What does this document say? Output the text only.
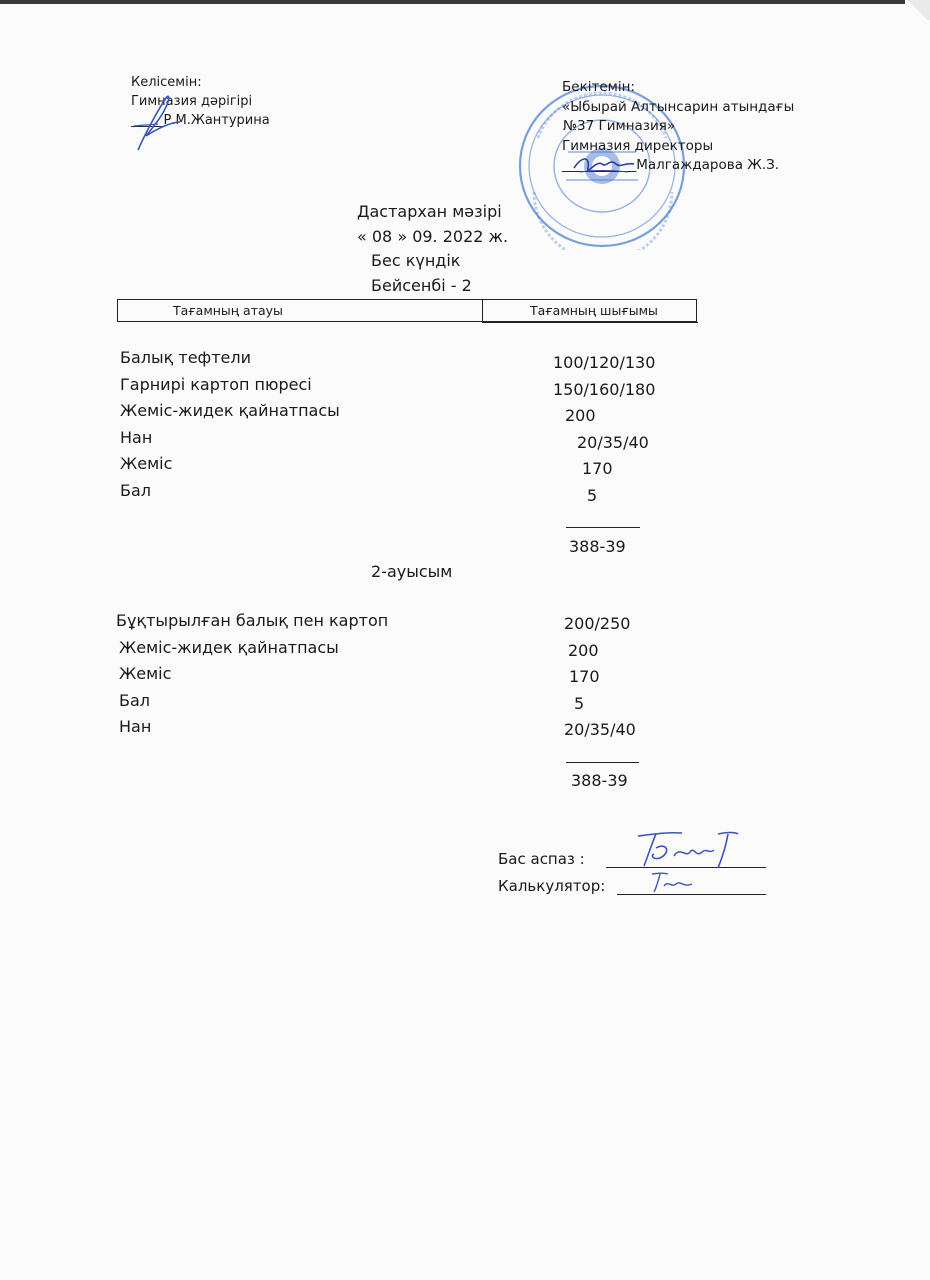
Келісемін:
Гимназия дәрігірі
_____Р.М.Жантурина
Бекітемін:
«Ыбырай Алтынсарин атындағы
№37 Гимназия»
Гимназия директоры
___________Малгаждарова Ж.З.
Дастархан мәзірі
« 08 » 09. 2022 ж.
Бес күндік
Бейсенбі - 2
Тағамның атауы	Тағамның шығымы
Балық тефтели
Гарнирі картоп пюресі
Жеміс-жидек қайнатпасы
Нан
Жеміс
Бал
100/120/130
150/160/180
200
20/35/40
170
5
388-39
2-ауысым
Бұқтырылған балық пен картоп
Жеміс-жидек қайнатпасы
Жеміс
Бал
Нан
200/250
200
170
5
20/35/40
388-39
Бас аспаз :
Калькулятор:
